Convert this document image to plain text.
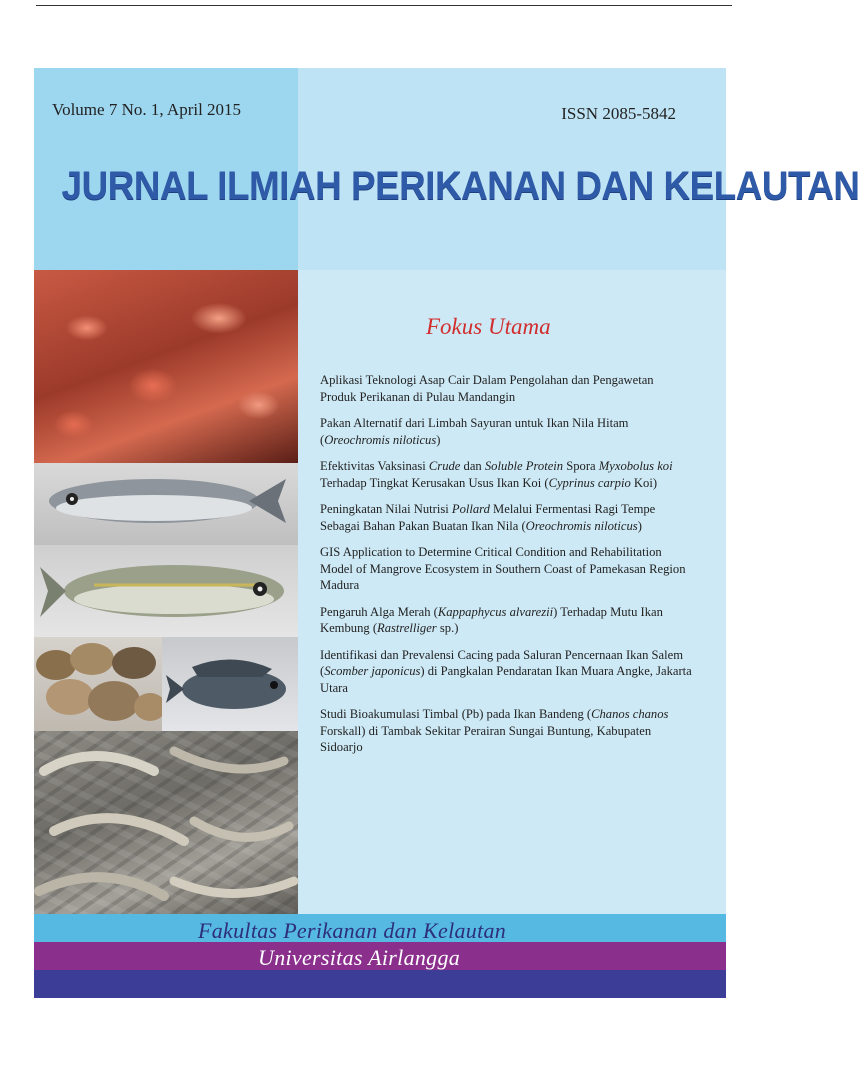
Volume 7 No. 1, April 2015	ISSN 2085-5842
JURNAL ILMIAH PERIKANAN DAN KELAUTAN
Fokus Utama
Aplikasi Teknologi Asap Cair Dalam Pengolahan dan Pengawetan Produk Perikanan di Pulau Mandangin
Pakan Alternatif dari Limbah Sayuran untuk Ikan Nila Hitam (Oreochromis niloticus)
Efektivitas Vaksinasi Crude dan Soluble Protein Spora Myxobolus koi Terhadap Tingkat Kerusakan Usus Ikan Koi (Cyprinus carpio Koi)
Peningkatan Nilai Nutrisi Pollard Melalui Fermentasi Ragi Tempe Sebagai Bahan Pakan Buatan Ikan Nila (Oreochromis niloticus)
GIS Application to Determine Critical Condition and Rehabilitation Model of Mangrove Ecosystem in Southern Coast of Pamekasan Region Madura
Pengaruh Alga Merah (Kappaphycus alvarezii) Terhadap Mutu Ikan Kembung (Rastrelliger sp.)
Identifikasi dan Prevalensi Cacing pada Saluran Pencernaan Ikan Salem (Scomber japonicus) di Pangkalan Pendaratan Ikan Muara Angke, Jakarta Utara
Studi Bioakumulasi Timbal (Pb) pada Ikan Bandeng (Chanos chanos Forskall) di Tambak Sekitar Perairan Sungai Buntung, Kabupaten Sidoarjo
Fakultas Perikanan dan Kelautan
Universitas Airlangga
